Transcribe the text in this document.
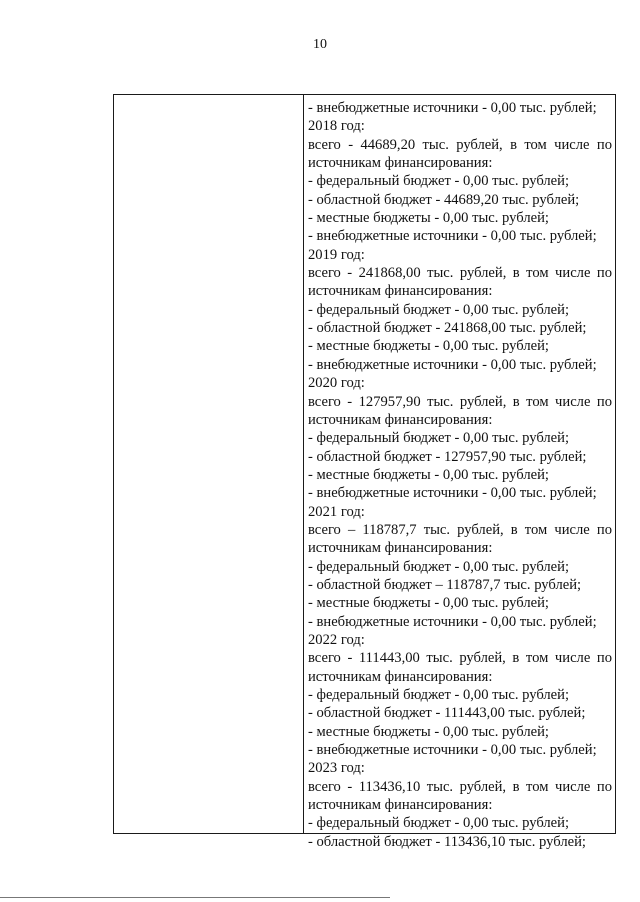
10
- внебюджетные источники - 0,00 тыс. рублей;
2018 год:
всего - 44689,20 тыс. рублей, в том числе по
источникам финансирования:
- федеральный бюджет - 0,00 тыс. рублей;
- областной бюджет - 44689,20 тыс. рублей;
- местные бюджеты - 0,00 тыс. рублей;
- внебюджетные источники - 0,00 тыс. рублей;
2019 год:
всего - 241868,00 тыс. рублей, в том числе по
источникам финансирования:
- федеральный бюджет - 0,00 тыс. рублей;
- областной бюджет - 241868,00 тыс. рублей;
- местные бюджеты - 0,00 тыс. рублей;
- внебюджетные источники - 0,00 тыс. рублей;
2020 год:
всего - 127957,90 тыс. рублей, в том числе по
источникам финансирования:
- федеральный бюджет - 0,00 тыс. рублей;
- областной бюджет - 127957,90 тыс. рублей;
- местные бюджеты - 0,00 тыс. рублей;
- внебюджетные источники - 0,00 тыс. рублей;
2021 год:
всего – 118787,7 тыс. рублей, в том числе по
источникам финансирования:
- федеральный бюджет - 0,00 тыс. рублей;
- областной бюджет – 118787,7 тыс. рублей;
- местные бюджеты - 0,00 тыс. рублей;
- внебюджетные источники - 0,00 тыс. рублей;
2022 год:
всего - 111443,00 тыс. рублей, в том числе по
источникам финансирования:
- федеральный бюджет - 0,00 тыс. рублей;
- областной бюджет - 111443,00 тыс. рублей;
- местные бюджеты - 0,00 тыс. рублей;
- внебюджетные источники - 0,00 тыс. рублей;
2023 год:
всего - 113436,10 тыс. рублей, в том числе по
источникам финансирования:
- федеральный бюджет - 0,00 тыс. рублей;
- областной бюджет - 113436,10 тыс. рублей;
